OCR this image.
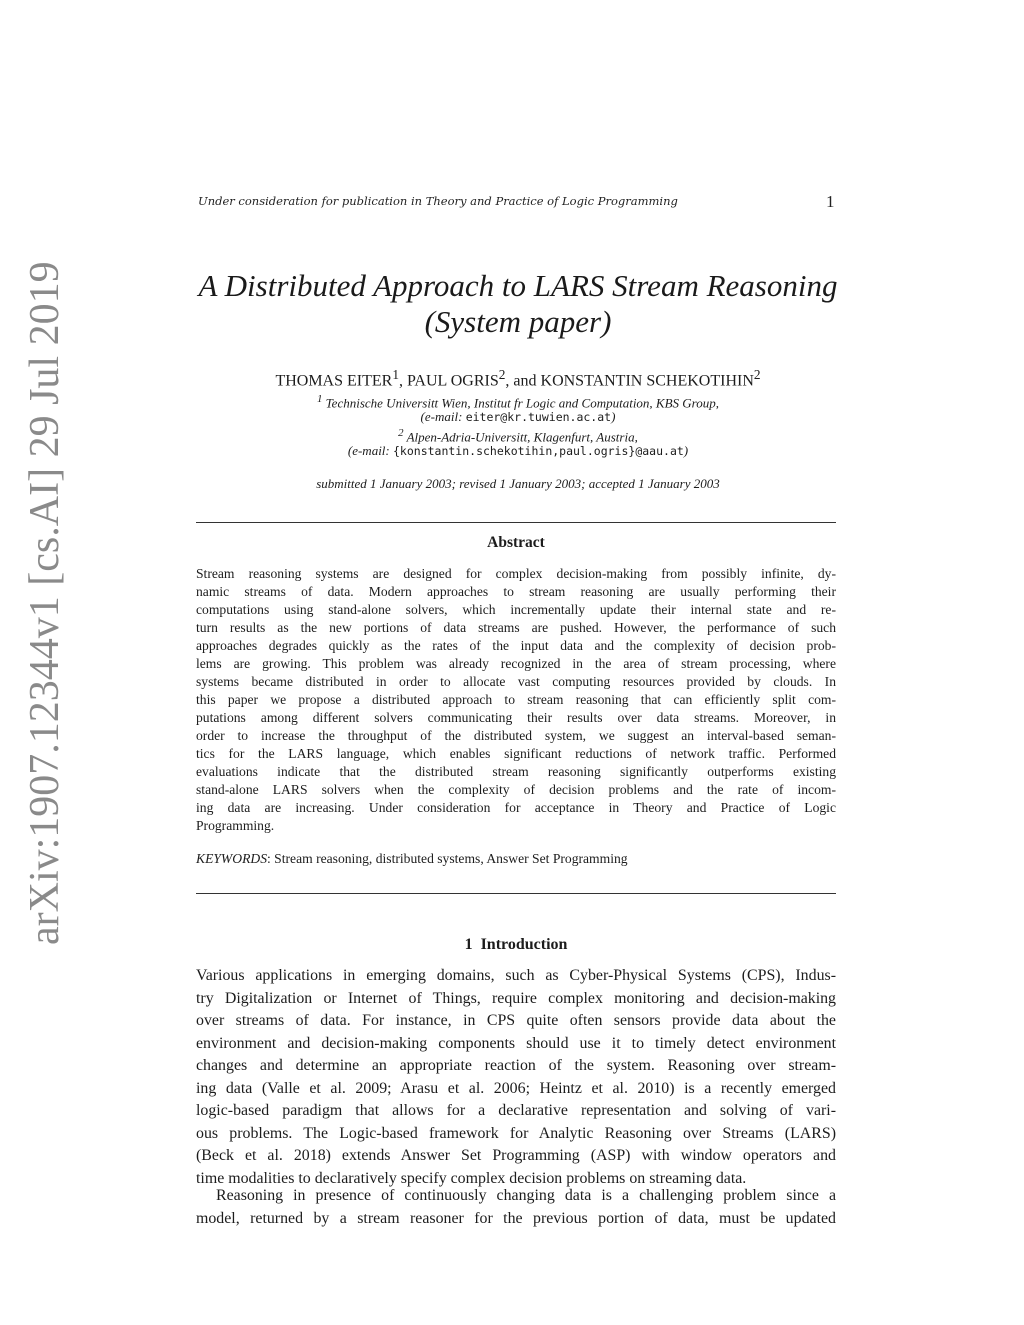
arXiv:1907.12344v1 [cs.AI] 29 Jul 2019
Under consideration for publication in Theory and Practice of Logic Programming	1
A Distributed Approach to LARS Stream Reasoning
(System paper)
THOMAS EITER$^1$, PAUL OGRIS$^2$, and KONSTANTIN SCHEKOTIHIN$^2$
$^1$ Technische Universitt Wien, Institut fr Logic and Computation, KBS Group,
(e-mail: eiter@kr.tuwien.ac.at)
$^2$ Alpen-Adria-Universitt, Klagenfurt, Austria,
(e-mail: {konstantin.schekotihin,paul.ogris}@aau.at)
submitted 1 January 2003; revised 1 January 2003; accepted 1 January 2003
Abstract
Stream reasoning systems are designed for complex decision-making from possibly infinite, dy-
namic streams of data. Modern approaches to stream reasoning are usually performing their
computations using stand-alone solvers, which incrementally update their internal state and re-
turn results as the new portions of data streams are pushed. However, the performance of such
approaches degrades quickly as the rates of the input data and the complexity of decision prob-
lems are growing. This problem was already recognized in the area of stream processing, where
systems became distributed in order to allocate vast computing resources provided by clouds. In
this paper we propose a distributed approach to stream reasoning that can efficiently split com-
putations among different solvers communicating their results over data streams. Moreover, in
order to increase the throughput of the distributed system, we suggest an interval-based seman-
tics for the LARS language, which enables significant reductions of network traffic. Performed
evaluations indicate that the distributed stream reasoning significantly outperforms existing
stand-alone LARS solvers when the complexity of decision problems and the rate of incom-
ing data are increasing. Under consideration for acceptance in Theory and Practice of Logic
Programming.
KEYWORDS: Stream reasoning, distributed systems, Answer Set Programming
1 Introduction
Various applications in emerging domains, such as Cyber-Physical Systems (CPS), Indus-
try Digitalization or Internet of Things, require complex monitoring and decision-making
over streams of data. For instance, in CPS quite often sensors provide data about the
environment and decision-making components should use it to timely detect environment
changes and determine an appropriate reaction of the system. Reasoning over stream-
ing data (Valle et al. 2009; Arasu et al. 2006; Heintz et al. 2010) is a recently emerged
logic-based paradigm that allows for a declarative representation and solving of vari-
ous problems. The Logic-based framework for Analytic Reasoning over Streams (LARS)
(Beck et al. 2018) extends Answer Set Programming (ASP) with window operators and
time modalities to declaratively specify complex decision problems on streaming data.
Reasoning in presence of continuously changing data is a challenging problem since a
model, returned by a stream reasoner for the previous portion of data, must be updated
